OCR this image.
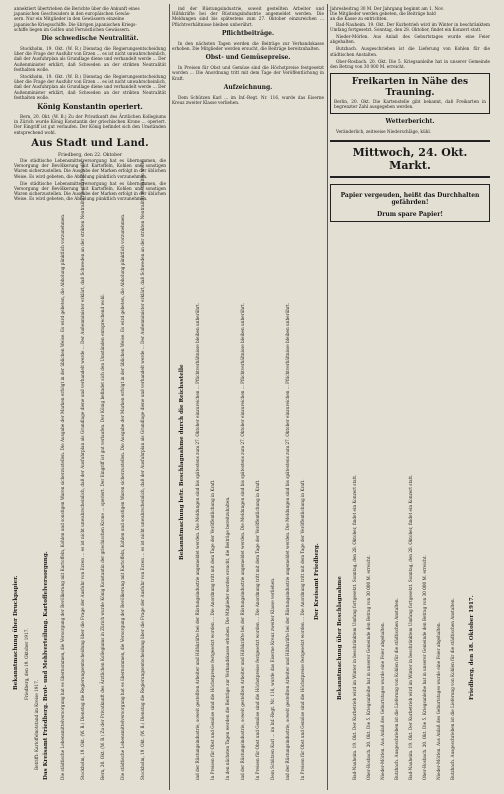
annektiert übertrieben die Berichte über die Ankunft eines
japanischen Geschwaders in den europäischen Gewäs-
sern. Nur ein Mitglieder in den Gewässern einzelne
japanische Kriegsschiffe. Die übrigen japanischen Kriegs-
schiffe liegen im Golfen und Fernöstlichen Gewässern.
Die schwedische Neutralität.
Stockholm, 19. Okt. (W. B.) Dienstag die Regierungsentscheidung über die Frage der Ausfuhr von Erzen ... es ist nicht unwahrscheinlich, daß der Ausfuhrplan als Grundlage diene und verhandelt werde ... Der Außenminister erklärt, daß Schweden an der strikten Neutralität festhalten wolle.
Stockholm, 19. Okt. (W. B.) Dienstag die Regierungsentscheidung über die Frage der Ausfuhr von Erzen ... es ist nicht unwahrscheinlich, daß der Ausfuhrplan als Grundlage diene und verhandelt werde ... Der Außenminister erklärt, daß Schweden an der strikten Neutralität festhalten wolle.
König Konstantin operiert.
Bern, 20. Okt. (W. B.) Zu der Privatkunft des Ärztlichen Kollegiums in Zürich wurde König Konstantin der griechischen Krone ... operiert. Der Eingriff ist gut verlaufen. Der König befindet sich den Umständen entsprechend wohl.
Aus Stadt und Land.
Friedberg, den 22. Oktober
Die städtische Lebensmittelversorgung hat es übernommen, die Versorgung der Bevölkerung mit Kartoffeln, Kohlen und sonstigen Waren sicherzustellen. Die Ausgabe der Marken erfolgt in der üblichen Weise. Es wird gebeten, die Abholung pünktlich vorzunehmen.
Die städtische Lebensmittelversorgung hat es übernommen, die Versorgung der Bevölkerung mit Kartoffeln, Kohlen und sonstigen Waren sicherzustellen. Die Ausgabe der Marken erfolgt in der üblichen Weise. Es wird gebeten, die Abholung pünktlich vorzunehmen.
Bekanntmachung über Druckpapier. Friedberg, den 19. Oktober 1917.
Betrifft: Kartoffelnotstand im Kreise 1917. Das Kreisamt Friedberg. Brot- und Mehlverteilung. Kartoffelversorgung.	Die städtische Lebensmittelversorgung hat es übernommen, die Versorgung der Bevölkerung mit Kartoffeln, Kohlen und sonstigen Waren sicherzustellen. Die Ausgabe der Marken erfolgt in der üblichen Weise. Es wird gebeten, die Abholung pünktlich vorzunehmen.	Stockholm, 19. Okt. (W. B.) Dienstag die Regierungsentscheidung über die Frage der Ausfuhr von Erzen ... es ist nicht unwahrscheinlich, daß der Ausfuhrplan als Grundlage diene und verhandelt werde ... Der Außenminister erklärt, daß Schweden an der strikten Neutralität festhalten wolle.	Bern, 20. Okt. (W. B.) Zu der Privatkunft des Ärztlichen Kollegiums in Zürich wurde König Konstantin der griechischen Krone ... operiert. Der Eingriff ist gut verlaufen. Der König befindet sich den Umständen entsprechend wohl.	Die städtische Lebensmittelversorgung hat es übernommen, die Versorgung der Bevölkerung mit Kartoffeln, Kohlen und sonstigen Waren sicherzustellen. Die Ausgabe der Marken erfolgt in der üblichen Weise. Es wird gebeten, die Abholung pünktlich vorzunehmen.	Stockholm, 19. Okt. (W. B.) Dienstag die Regierungsentscheidung über die Frage der Ausfuhr von Erzen ... es ist nicht unwahrscheinlich, daß der Ausfuhrplan als Grundlage diene und verhandelt werde ... Der Außenminister erklärt, daß Schweden an der strikten Neutralität festhalten wolle.
ind der Rüstungsindustrie, soweit gestellten Arbeiter und Hilfskräfte bei der Rüstungsindustrie angemeldet werden. Die Meldungen sind bis spätestens zum 27. Oktober einzureichen ... Pflichtverhältnisse bleiben unberührt.
Pflichtbeiträge.
In den nächsten Tagen werden die Beiträge zur Verbandskasse erhoben. Die Mitglieder werden ersucht, die Beiträge bereitzuhalten.
Obst- und Gemüsepreise.
In Preisen für Obst und Gemüse sind die Höchstpreise festgesetzt worden ... Die Anordnung tritt mit dem Tage der Veröffentlichung in Kraft.
Aufzeichnung.
Dem Schützen Karl ... im Inf.-Regt. Nr. 116, wurde das Eiserne Kreuz zweiter Klasse verliehen.
Bekanntmachung betr. Beschlagnahme durch die Reichsstelle ind der Rüstungsindustrie, soweit gestellten Arbeiter und Hilfskräfte bei der Rüstungsindustrie angemeldet werden. Die Meldungen sind bis spätestens zum 27. Oktober einzureichen ... Pflichtverhältnisse bleiben unberührt. In Preisen für Obst und Gemüse sind die Höchstpreise festgesetzt worden ... Die Anordnung tritt mit dem Tage der Veröffentlichung in Kraft. In den nächsten Tagen werden die Beiträge zur Verbandskasse erhoben. Die Mitglieder werden ersucht, die Beiträge bereitzuhalten. ind der Rüstungsindustrie, soweit gestellten Arbeiter und Hilfskräfte bei der Rüstungsindustrie angemeldet werden. Die Meldungen sind bis spätestens zum 27. Oktober einzureichen ... Pflichtverhältnisse bleiben unberührt. In Preisen für Obst und Gemüse sind die Höchstpreise festgesetzt worden ... Die Anordnung tritt mit dem Tage der Veröffentlichung in Kraft. Dem Schützen Karl ... im Inf.-Regt. Nr. 116, wurde das Eiserne Kreuz zweiter Klasse verliehen. ind der Rüstungsindustrie, soweit gestellten Arbeiter und Hilfskräfte bei der Rüstungsindustrie angemeldet werden. Die Meldungen sind bis spätestens zum 27. Oktober einzureichen ... Pflichtverhältnisse bleiben unberührt. In Preisen für Obst und Gemüse sind die Höchstpreise festgesetzt worden ... Die Anordnung tritt mit dem Tage der Veröffentlichung in Kraft. Der Kreisamt Friedberg.
Jahresbeitrag 30 M. Der Jahrgang beginnt am 1. Nov.
Die Mitglieder werden gebeten, die Beiträge bald
an die Kasse zu entrichten.
Bad-Nauheim. 19. Okt. Der Kurbetrieb wird im Winter in beschränktem Umfang fortgesetzt. Sonntag, den 28. Oktober, findet ein Konzert statt.
Nieder-Mörlen. Aus Anlaß des Geburtstages wurde eine Feier abgehalten.
Butzbach. Ausgeschrieben ist die Lieferung von Kohlen für die städtischen Anstalten.
Ober-Rosbach. 20. Okt. Die 5. Kriegsanleihe hat in unserer Gemeinde den Betrag von 30 000 M. erreicht.
Freikarten in Nähe des Trauning.
Berlin, 20. Okt. Die Kartenstelle gibt bekannt, daß Freikarten in begrenzter Zahl ausgegeben werden.
Wetterbericht.
Veränderlich, zeitweise Niederschläge, kühl.
Mittwoch, 24. Okt. Markt.
Papier vergeuden, heißt das Durchhalten gefährden!
Drum spare Papier!
Bekanntmachung über Beschlagnahme Bad-Nauheim. 19. Okt. Der Kurbetrieb wird im Winter in beschränktem Umfang fortgesetzt. Sonntag, den 28. Oktober, findet ein Konzert statt. Ober-Rosbach. 20. Okt. Die 5. Kriegsanleihe hat in unserer Gemeinde den Betrag von 30 000 M. erreicht. Nieder-Mörlen. Aus Anlaß des Geburtstages wurde eine Feier abgehalten. Butzbach. Ausgeschrieben ist die Lieferung von Kohlen für die städtischen Anstalten. Bad-Nauheim. 19. Okt. Der Kurbetrieb wird im Winter in beschränktem Umfang fortgesetzt. Sonntag, den 28. Oktober, findet ein Konzert statt. Ober-Rosbach. 20. Okt. Die 5. Kriegsanleihe hat in unserer Gemeinde den Betrag von 30 000 M. erreicht. Nieder-Mörlen. Aus Anlaß des Geburtstages wurde eine Feier abgehalten. Butzbach. Ausgeschrieben ist die Lieferung von Kohlen für die städtischen Anstalten.	Friedberg, den 18. Oktober 1917.
